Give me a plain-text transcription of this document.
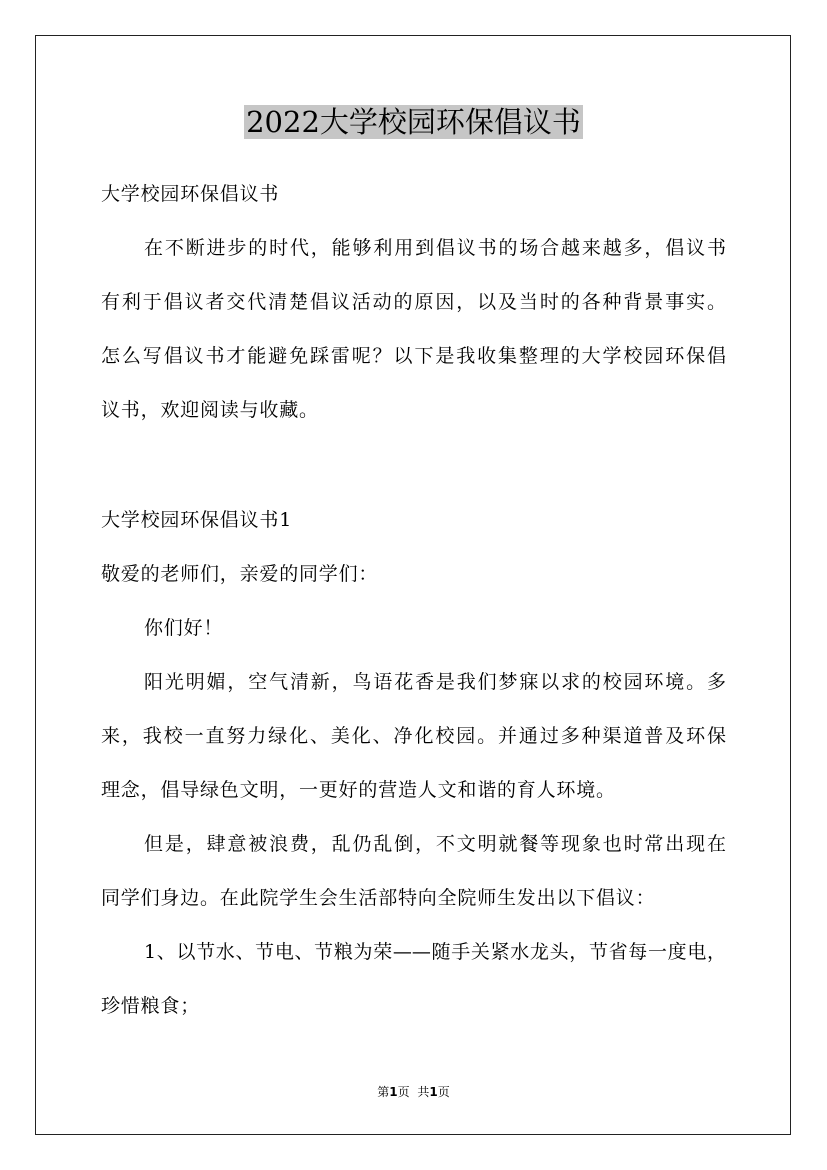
2022大学校园环保倡议书
大学校园环保倡议书
在不断进步的时代，能够利用到倡议书的场合越来越多，倡议书
有利于倡议者交代清楚倡议活动的原因，以及当时的各种背景事实。
怎么写倡议书才能避免踩雷呢？以下是我收集整理的大学校园环保倡
议书，欢迎阅读与收藏。
大学校园环保倡议书1
敬爱的老师们，亲爱的同学们：
你们好！
阳光明媚，空气清新，鸟语花香是我们梦寐以求的校园环境。多
来，我校一直努力绿化、美化、净化校园。并通过多种渠道普及环保
理念，倡导绿色文明，一更好的营造人文和谐的育人环境。
但是，肆意被浪费，乱仍乱倒，不文明就餐等现象也时常出现在
同学们身边。在此院学生会生活部特向全院师生发出以下倡议：
1、以节水、节电、节粮为荣——随手关紧水龙头，节省每一度电，
珍惜粮食；
第1页 共1页
